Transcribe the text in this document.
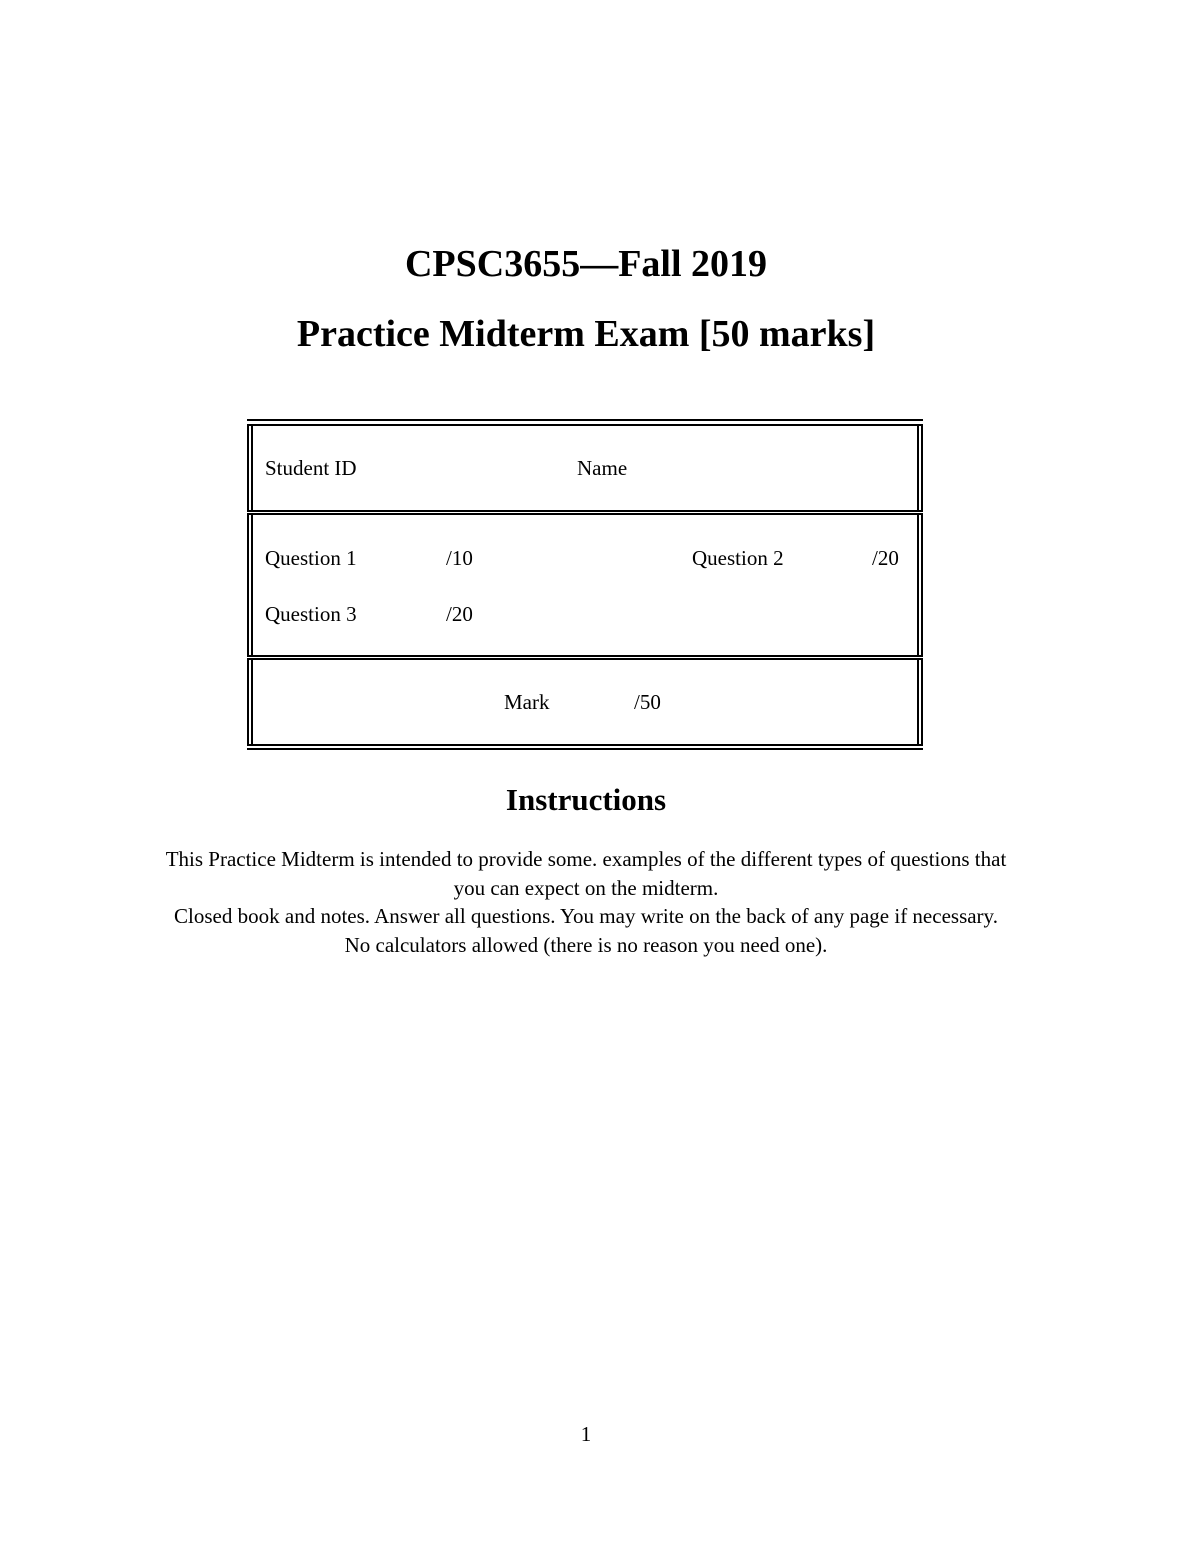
CPSC3655—Fall 2019
Practice Midterm Exam [50 marks]
Student ID	Name
Question 1	/10	Question 2	/20
Question 3	/20
Mark	/50
Instructions

This Practice Midterm is intended to provide some. examples of the different types of questions that you can expect on the midterm.

Closed book and notes. Answer all questions. You may write on the back of any page if necessary. No calculators allowed (there is no reason you need one).

1
